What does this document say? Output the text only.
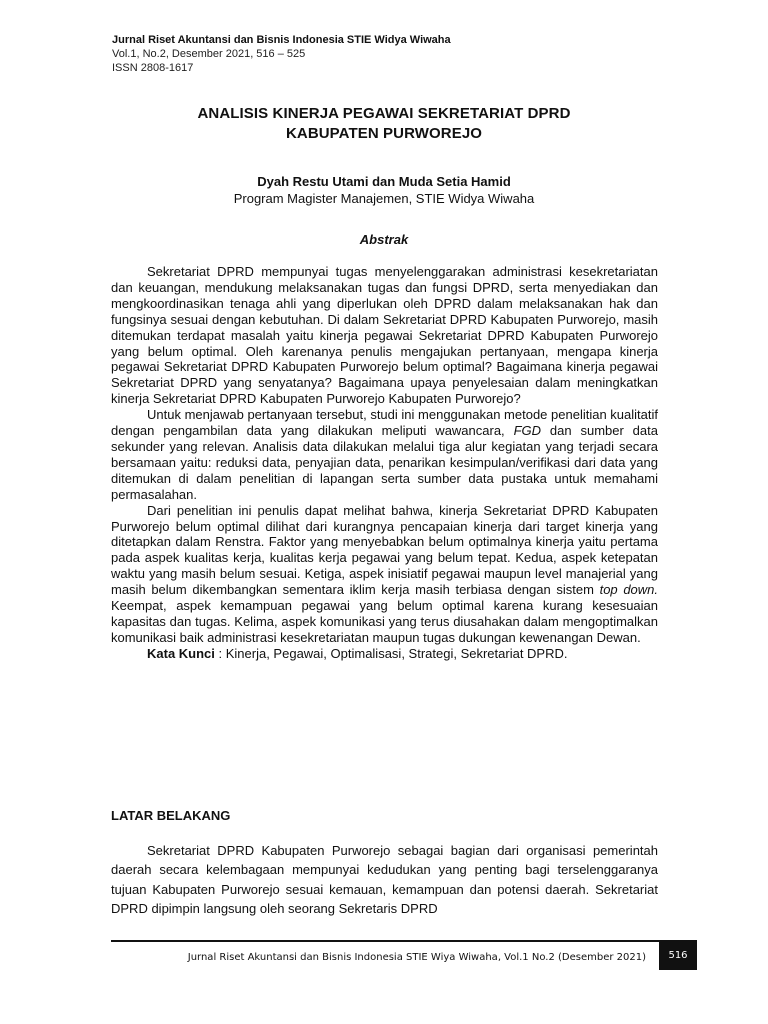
Jurnal Riset Akuntansi dan Bisnis Indonesia STIE Widya Wiwaha
Vol.1, No.2, Desember 2021, 516 – 525
ISSN 2808-1617
ANALISIS KINERJA PEGAWAI SEKRETARIAT DPRD
KABUPATEN PURWOREJO
Dyah Restu Utami dan Muda Setia Hamid
Program Magister Manajemen, STIE Widya Wiwaha
Abstrak

Sekretariat DPRD mempunyai tugas menyelenggarakan administrasi kesekretariatan dan keuangan, mendukung melaksanakan tugas dan fungsi DPRD, serta menyediakan dan mengkoordinasikan tenaga ahli yang diperlukan oleh DPRD dalam melaksanakan hak dan fungsinya sesuai dengan kebutuhan. Di dalam Sekretariat DPRD Kabupaten Purworejo, masih ditemukan terdapat masalah yaitu kinerja pegawai Sekretariat DPRD Kabupaten Purworejo yang belum optimal. Oleh karenanya penulis mengajukan pertanyaan, mengapa kinerja pegawai Sekretariat DPRD Kabupaten Purworejo belum optimal? Bagaimana kinerja pegawai Sekretariat DPRD yang senyatanya? Bagaimana upaya penyelesaian dalam meningkatkan kinerja Sekretariat DPRD Kabupaten Purworejo Kabupaten Purworejo?

Untuk menjawab pertanyaan tersebut, studi ini menggunakan metode penelitian kualitatif dengan pengambilan data yang dilakukan meliputi wawancara, FGD dan sumber data sekunder yang relevan. Analisis data dilakukan melalui tiga alur kegiatan yang terjadi secara bersamaan yaitu: reduksi data, penyajian data, penarikan kesimpulan/verifikasi dari data yang ditemukan di dalam penelitian di lapangan serta sumber data pustaka untuk memahami permasalahan.

Dari penelitian ini penulis dapat melihat bahwa, kinerja Sekretariat DPRD Kabupaten Purworejo belum optimal dilihat dari kurangnya pencapaian kinerja dari target kinerja yang ditetapkan dalam Renstra. Faktor yang menyebabkan belum optimalnya kinerja yaitu pertama pada aspek kualitas kerja, kualitas kerja pegawai yang belum tepat. Kedua, aspek ketepatan waktu yang masih belum sesuai. Ketiga, aspek inisiatif pegawai maupun level manajerial yang masih belum dikembangkan sementara iklim kerja masih terbiasa dengan sistem top down. Keempat, aspek kemampuan pegawai yang belum optimal karena kurang kesesuaian kapasitas dan tugas. Kelima, aspek komunikasi yang terus diusahakan dalam mengoptimalkan komunikasi baik administrasi kesekretariatan maupun tugas dukungan kewenangan Dewan.

Kata Kunci : Kinerja, Pegawai, Optimalisasi, Strategi, Sekretariat DPRD.

LATAR BELAKANG

Sekretariat DPRD Kabupaten Purworejo sebagai bagian dari organisasi pemerintah daerah secara kelembagaan mempunyai kedudukan yang penting bagi terselenggaranya tujuan Kabupaten Purworejo sesuai kemauan, kemampuan dan potensi daerah. Sekretariat DPRD dipimpin langsung oleh seorang Sekretaris DPRD

Jurnal Riset Akuntansi dan Bisnis Indonesia STIE Wiya Wiwaha, Vol.1 No.2 (Desember 2021)	516
